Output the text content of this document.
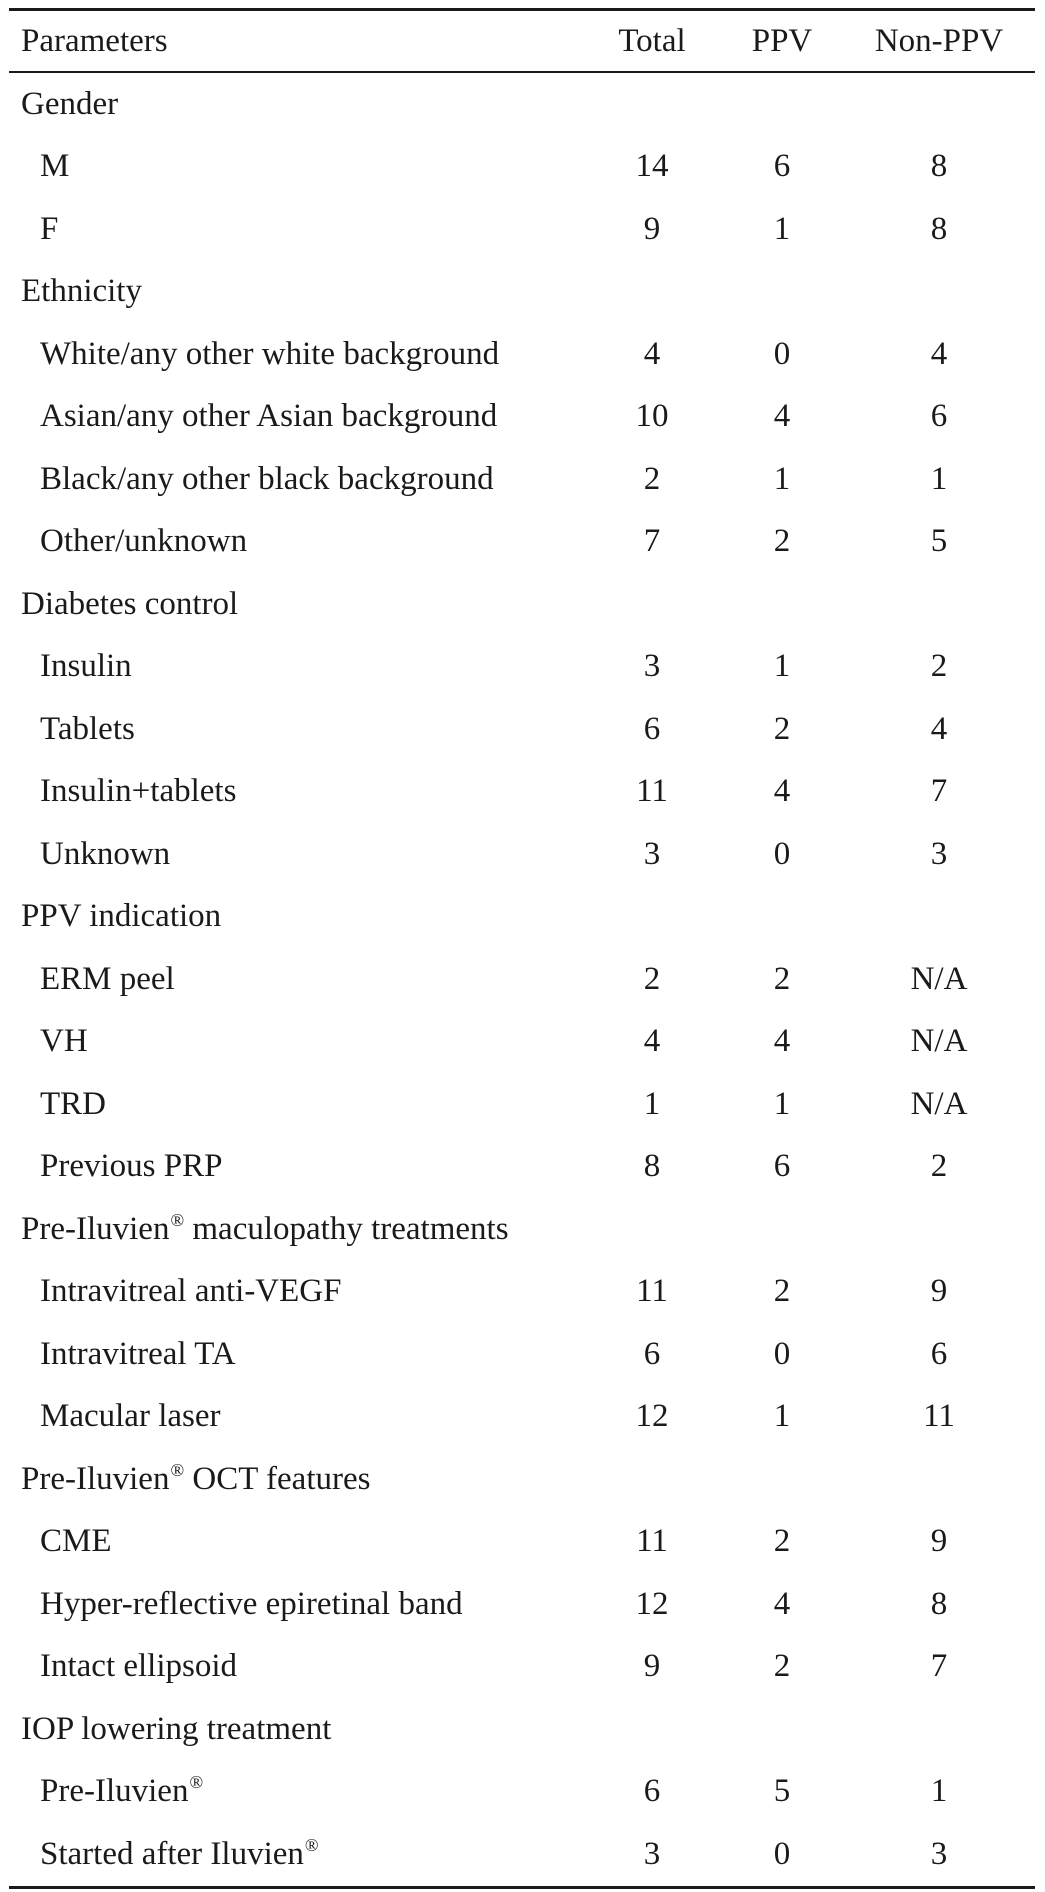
Parameters	Total	PPV	Non-PPV
Gender
M	14	6	8
F	9	1	8
Ethnicity
White/any other white background	4	0	4
Asian/any other Asian background	10	4	6
Black/any other black background	2	1	1
Other/unknown	7	2	5
Diabetes control
Insulin	3	1	2
Tablets	6	2	4
Insulin+tablets	11	4	7
Unknown	3	0	3
PPV indication
ERM peel	2	2	N/A
VH	4	4	N/A
TRD	1	1	N/A
Previous PRP	8	6	2
Pre-Iluvien® maculopathy treatments
Intravitreal anti-VEGF	11	2	9
Intravitreal TA	6	0	6
Macular laser	12	1	11
Pre-Iluvien® OCT features
CME	11	2	9
Hyper-reflective epiretinal band	12	4	8
Intact ellipsoid	9	2	7
IOP lowering treatment
Pre-Iluvien®	6	5	1
Started after Iluvien®	3	0	3
